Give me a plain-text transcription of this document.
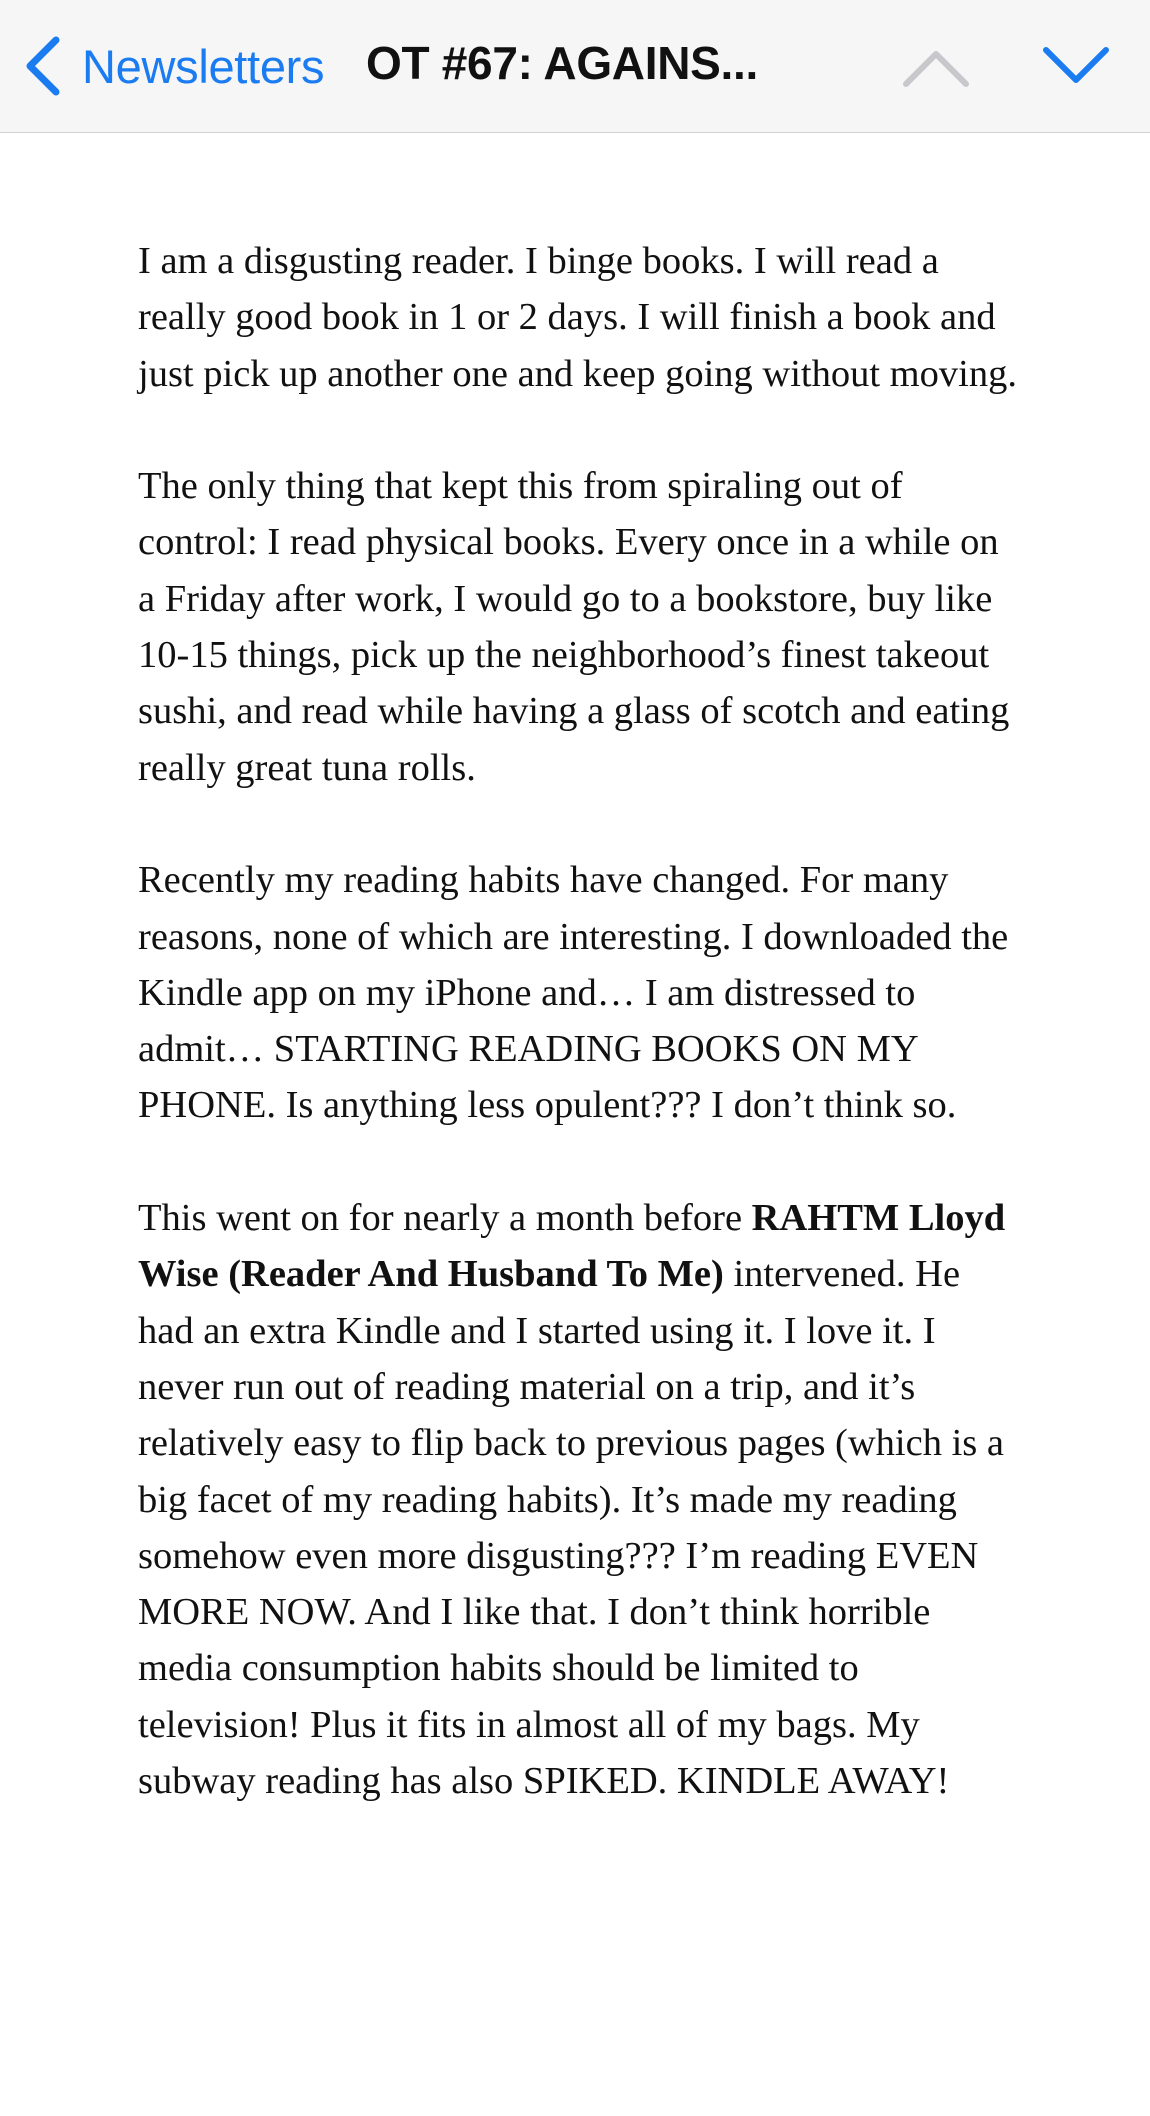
Newsletters OT #67: AGAINS...

I am a disgusting reader. I binge books. I will read a really good book in 1 or 2 days. I will finish a book and just pick up another one and keep going without moving.

The only thing that kept this from spiraling out of control: I read physical books. Every once in a while on a Friday after work, I would go to a bookstore, buy like 10-15 things, pick up the neighborhood’s finest takeout sushi, and read while having a glass of scotch and eating really great tuna rolls.

Recently my reading habits have changed. For many reasons, none of which are interesting. I downloaded the Kindle app on my iPhone and… I am distressed to admit… STARTING READING BOOKS ON MY PHONE. Is anything less opulent??? I don’t think so.

This went on for nearly a month before RAHTM Lloyd Wise (Reader And Husband To Me) intervened. He had an extra Kindle and I started using it. I love it. I never run out of reading material on a trip, and it’s relatively easy to flip back to previous pages (which is a big facet of my reading habits). It’s made my reading somehow even more disgusting??? I’m reading EVEN MORE NOW. And I like that. I don’t think horrible media consumption habits should be limited to television! Plus it fits in almost all of my bags. My subway reading has also SPIKED. KINDLE AWAY!
